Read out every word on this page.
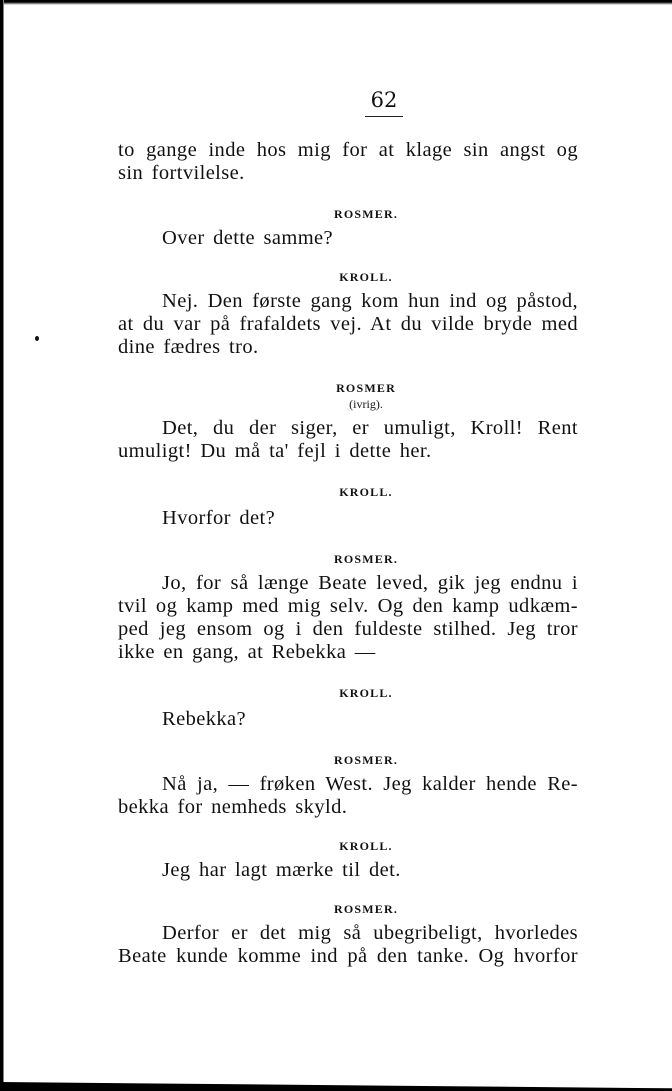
62
to gange inde hos mig for at klage sin angst og
sin fortvilelse.
ROSMER.
Over dette samme?
KROLL.
Nej. Den første gang kom hun ind og påstod,
at du var på frafaldets vej. At du vilde bryde med
dine fædres tro.
ROSMER
(ivrig).
Det, du der siger, er umuligt, Kroll! Rent
umuligt! Du må ta' fejl i dette her.
KROLL.
Hvorfor det?
ROSMER.
Jo, for så længe Beate leved, gik jeg endnu i
tvil og kamp med mig selv. Og den kamp udkæm-
ped jeg ensom og i den fuldeste stilhed. Jeg tror
ikke en gang, at Rebekka —
KROLL.
Rebekka?
ROSMER.
Nå ja, — frøken West. Jeg kalder hende Re-
bekka for nemheds skyld.
KROLL.
Jeg har lagt mærke til det.
ROSMER.
Derfor er det mig så ubegribeligt, hvorledes
Beate kunde komme ind på den tanke. Og hvorfor
